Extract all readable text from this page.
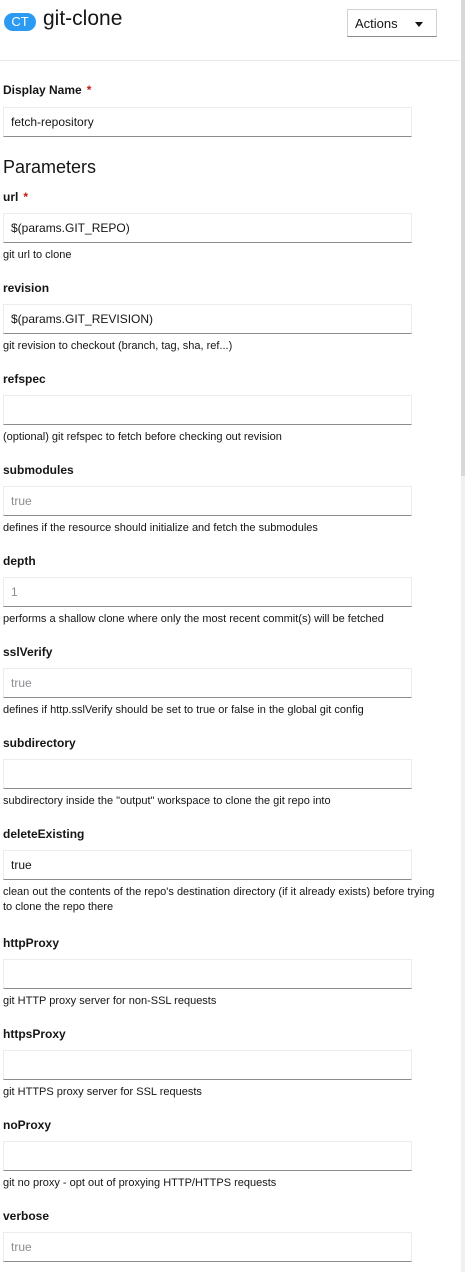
CT git-clone	Actions
Display Name *
fetch-repository
Parameters
url *
$(params.GIT_REPO)
git url to clone
revision
$(params.GIT_REVISION)
git revision to checkout (branch, tag, sha, ref...)
refspec
(optional) git refspec to fetch before checking out revision
submodules
true
defines if the resource should initialize and fetch the submodules
depth
1
performs a shallow clone where only the most recent commit(s) will be fetched
sslVerify
true
defines if http.sslVerify should be set to true or false in the global git config
subdirectory
subdirectory inside the "output" workspace to clone the git repo into
deleteExisting
true
clean out the contents of the repo's destination directory (if it already exists) before trying to clone the repo there
httpProxy
git HTTP proxy server for non-SSL requests
httpsProxy
git HTTPS proxy server for SSL requests
noProxy
git no proxy - opt out of proxying HTTP/HTTPS requests
verbose
true
